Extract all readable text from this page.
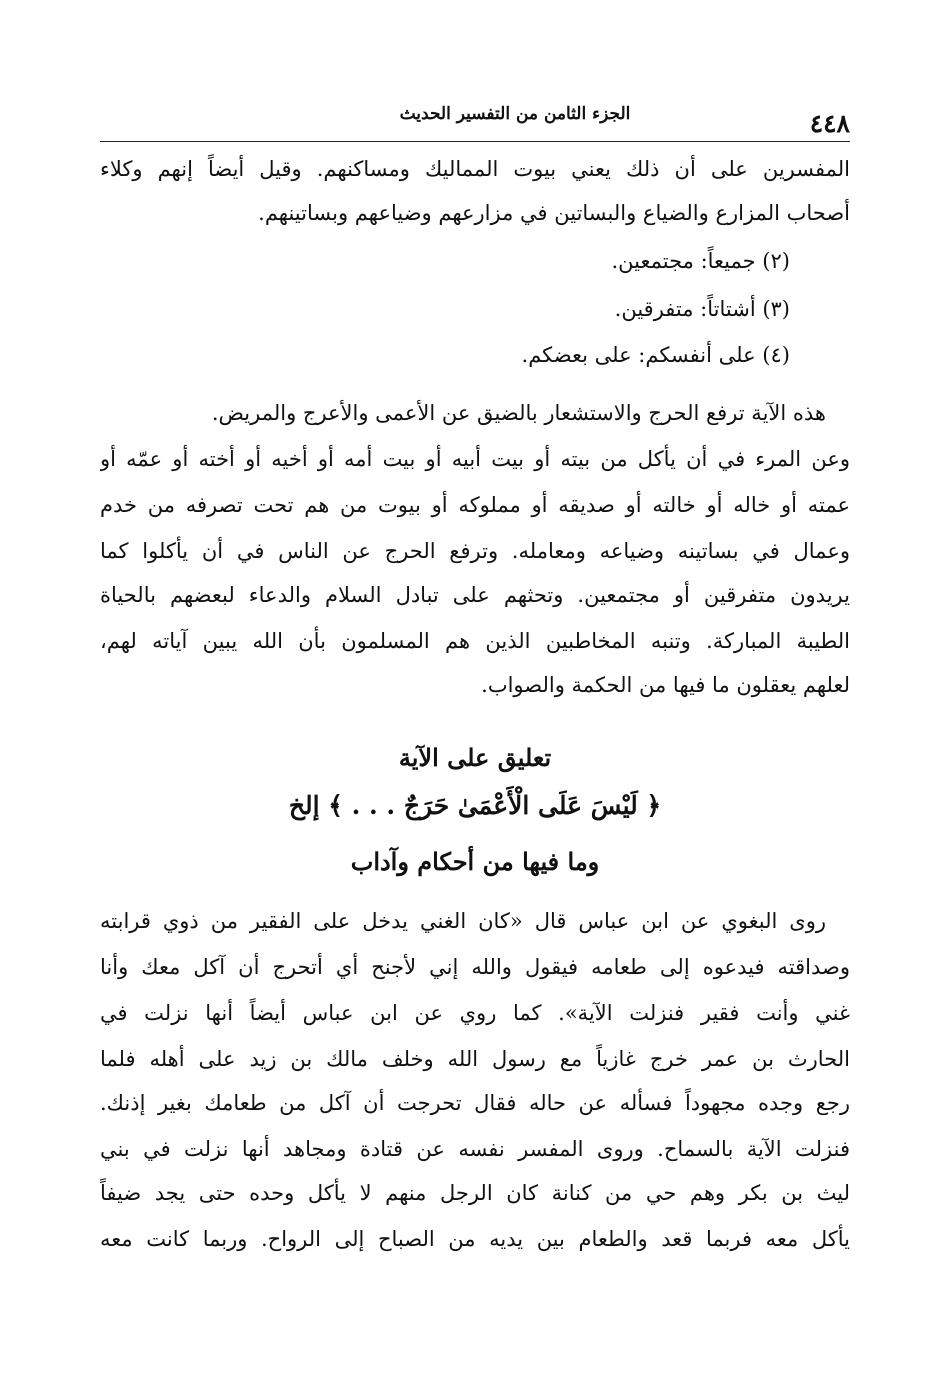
٤٤٨
الجزء الثامن من التفسير الحديث
المفسرين على أن ذلك يعني بيوت المماليك ومساكنهم. وقيل أيضاً إنهم وكلاء
أصحاب المزارع والضياع والبساتين في مزارعهم وضياعهم وبساتينهم.
(٢) جميعاً: مجتمعين.
(٣) أشتاتاً: متفرقين.
(٤) على أنفسكم: على بعضكم.
هذه الآية ترفع الحرج والاستشعار بالضيق عن الأعمى والأعرج والمريض.
وعن المرء في أن يأكل من بيته أو بيت أبيه أو بيت أمه أو أخيه أو أخته أو عمّه أو
عمته أو خاله أو خالته أو صديقه أو مملوكه أو بيوت من هم تحت تصرفه من خدم
وعمال في بساتينه وضياعه ومعامله. وترفع الحرج عن الناس في أن يأكلوا كما
يريدون متفرقين أو مجتمعين. وتحثهم على تبادل السلام والدعاء لبعضهم بالحياة
الطيبة المباركة. وتنبه المخاطبين الذين هم المسلمون بأن الله يبين آياته لهم،
لعلهم يعقلون ما فيها من الحكمة والصواب.
تعليق على الآية
﴿ لَيْسَ عَلَى الْأَعْمَىٰ حَرَجٌ . . . ﴾ إلخ
وما فيها من أحكام وآداب
روى البغوي عن ابن عباس قال «كان الغني يدخل على الفقير من ذوي قرابته
وصداقته فيدعوه إلى طعامه فيقول والله إني لأجنح أي أتحرج أن آكل معك وأنا
غني وأنت فقير فنزلت الآية». كما روي عن ابن عباس أيضاً أنها نزلت في
الحارث بن عمر خرج غازياً مع رسول الله وخلف مالك بن زيد على أهله فلما
رجع وجده مجهوداً فسأله عن حاله فقال تحرجت أن آكل من طعامك بغير إذنك.
فنزلت الآية بالسماح. وروى المفسر نفسه عن قتادة ومجاهد أنها نزلت في بني
ليث بن بكر وهم حي من كنانة كان الرجل منهم لا يأكل وحده حتى يجد ضيفاً
يأكل معه فربما قعد والطعام بين يديه من الصباح إلى الرواح. وربما كانت معه
